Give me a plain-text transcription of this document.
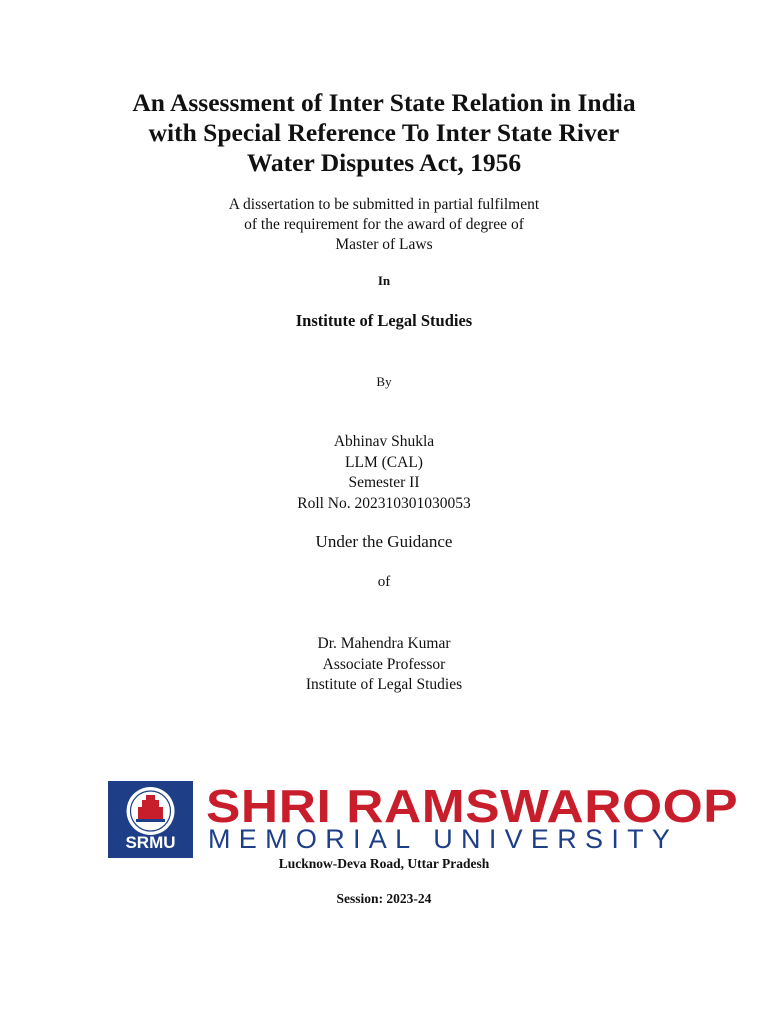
An Assessment of Inter State Relation in India
with Special Reference To Inter State River
Water Disputes Act, 1956
A dissertation to be submitted in partial fulfilment
of the requirement for the award of degree of
Master of Laws
In
Institute of Legal Studies
By
Abhinav Shukla
LLM (CAL)
Semester II
Roll No. 202310301030053
Under the Guidance
of
Dr. Mahendra Kumar
Associate Professor
Institute of Legal Studies
SRMU
SHRI RAMSWAROOP
MEMORIAL UNIVERSITY
Lucknow-Deva Road, Uttar Pradesh
Session: 2023-24
